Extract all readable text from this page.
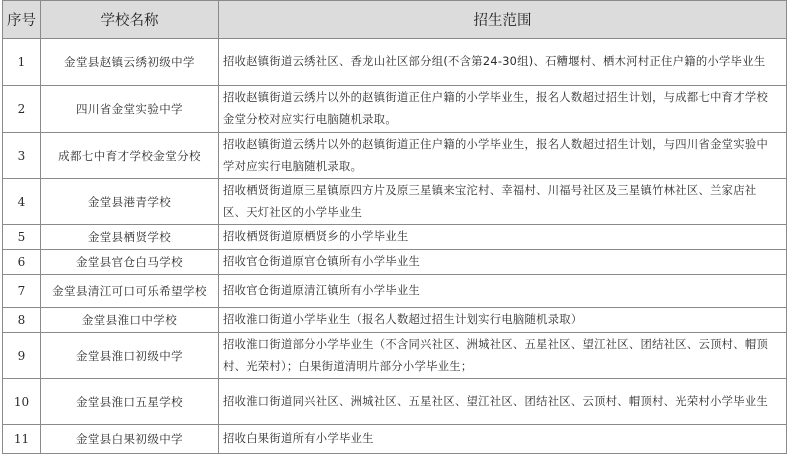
序号	学校名称	招生范围
1	金堂县赵镇云绣初级中学	招收赵镇街道云绣社区、香龙山社区部分组(不含第24-30组)、石糟堰村、栖木河村正住户籍的小学毕业生
2	四川省金堂实验中学	招收赵镇街道云绣片以外的赵镇街道正住户籍的小学毕业生，报名人数超过招生计划，与成都七中育才学校金堂分校对应实行电脑随机录取。
3	成都七中育才学校金堂分校	招收赵镇街道云绣片以外的赵镇街道正住户籍的小学毕业生，报名人数超过招生计划，与四川省金堂实验中学对应实行电脑随机录取。
4	金堂县港青学校	招收栖贤街道原三星镇原四方片及原三星镇来宝沱村、幸福村、川福号社区及三星镇竹林社区、兰家店社区、天灯社区的小学毕业生
5	金堂县栖贤学校	招收栖贤街道原栖贤乡的小学毕业生
6	金堂县官仓白马学校	招收官仓街道原官仓镇所有小学毕业生
7	金堂县清江可口可乐希望学校	招收官仓街道原清江镇所有小学毕业生
8	金堂县淮口中学校	招收淮口街道小学毕业生（报名人数超过招生计划实行电脑随机录取）
9	金堂县淮口初级中学	招收淮口街道部分小学毕业生（不含同兴社区、洲城社区、五星社区、望江社区、团结社区、云顶村、帽顶村、光荣村）；白果街道清明片部分小学毕业生；
10	金堂县淮口五星学校	招收淮口街道同兴社区、洲城社区、五星社区、望江社区、团结社区、云顶村、帽顶村、光荣村小学毕业生
11	金堂县白果初级中学	招收白果街道所有小学毕业生
